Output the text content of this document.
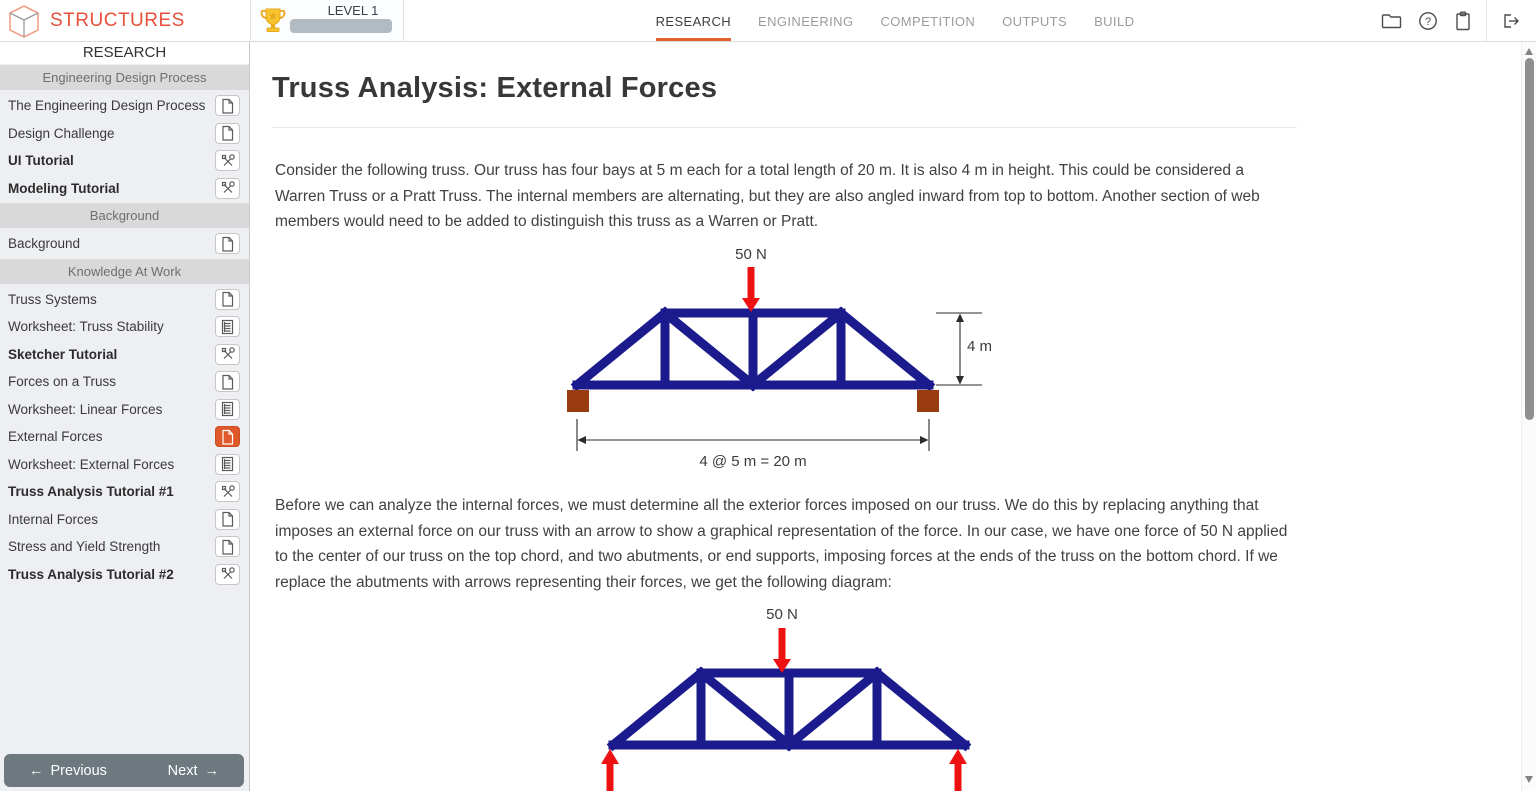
STRUCTURES	LEVEL 1
RESEARCH ENGINEERING COMPETITION OUTPUTS BUILD	?
RESEARCH
Engineering Design Process
The Engineering Design Process
Design Challenge
UI Tutorial
Modeling Tutorial
Background
Background
Knowledge At Work
Truss Systems
Worksheet: Truss Stability
Sketcher Tutorial
Forces on a Truss
Worksheet: Linear Forces
External Forces
Worksheet: External Forces
Truss Analysis Tutorial #1
Internal Forces
Stress and Yield Strength
Truss Analysis Tutorial #2
← Previous	Next →
Truss Analysis: External Forces
Consider the following truss. Our truss has four bays at 5 m each for a total length of 20 m. It is also 4 m in height. This could be considered a Warren Truss or a Pratt Truss. The internal members are alternating, but they are also angled inward from top to bottom. Another section of web members would need to be added to distinguish this truss as a Warren or Pratt.
50 N
4 m
4 @ 5 m = 20 m
Before we can analyze the internal forces, we must determine all the exterior forces imposed on our truss. We do this by replacing anything that imposes an external force on our truss with an arrow to show a graphical representation of the force. In our case, we have one force of 50 N applied to the center of our truss on the top chord, and two abutments, or end supports, imposing forces at the ends of the truss on the bottom chord. If we replace the abutments with arrows representing their forces, we get the following diagram:
50 N
